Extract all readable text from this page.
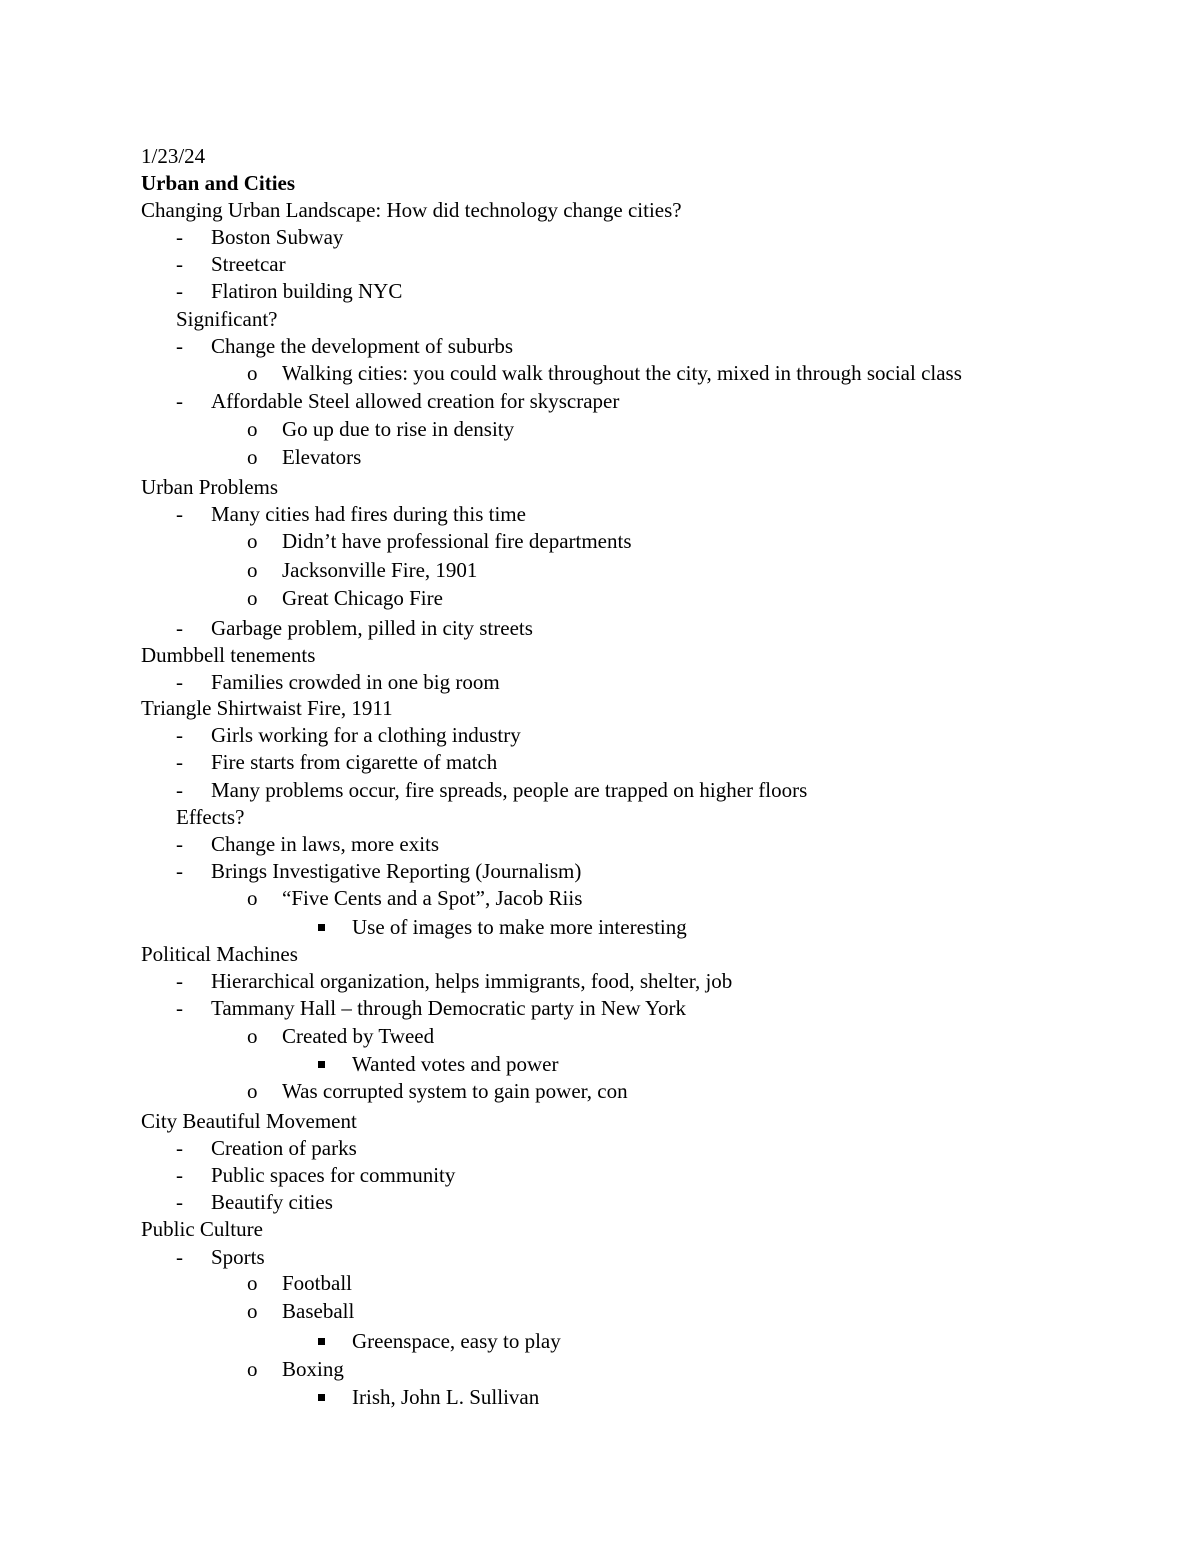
1/23/24
Urban and Cities
Changing Urban Landscape: How did technology change cities?
- Boston Subway
- Streetcar
- Flatiron building NYC
Significant?
- Change the development of suburbs
o Walking cities: you could walk throughout the city, mixed in through social class
- Affordable Steel allowed creation for skyscraper
o Go up due to rise in density
o Elevators
Urban Problems
- Many cities had fires during this time
o Didn’t have professional fire departments
o Jacksonville Fire, 1901
o Great Chicago Fire
- Garbage problem, pilled in city streets
Dumbbell tenements
- Families crowded in one big room
Triangle Shirtwaist Fire, 1911
- Girls working for a clothing industry
- Fire starts from cigarette of match
- Many problems occur, fire spreads, people are trapped on higher floors
Effects?
- Change in laws, more exits
- Brings Investigative Reporting (Journalism)
o “Five Cents and a Spot”, Jacob Riis
Use of images to make more interesting
Political Machines
- Hierarchical organization, helps immigrants, food, shelter, job
- Tammany Hall – through Democratic party in New York
o Created by Tweed
Wanted votes and power
o Was corrupted system to gain power, con
City Beautiful Movement
- Creation of parks
- Public spaces for community
- Beautify cities
Public Culture
- Sports
o Football
o Baseball
Greenspace, easy to play
o Boxing
Irish, John L. Sullivan
